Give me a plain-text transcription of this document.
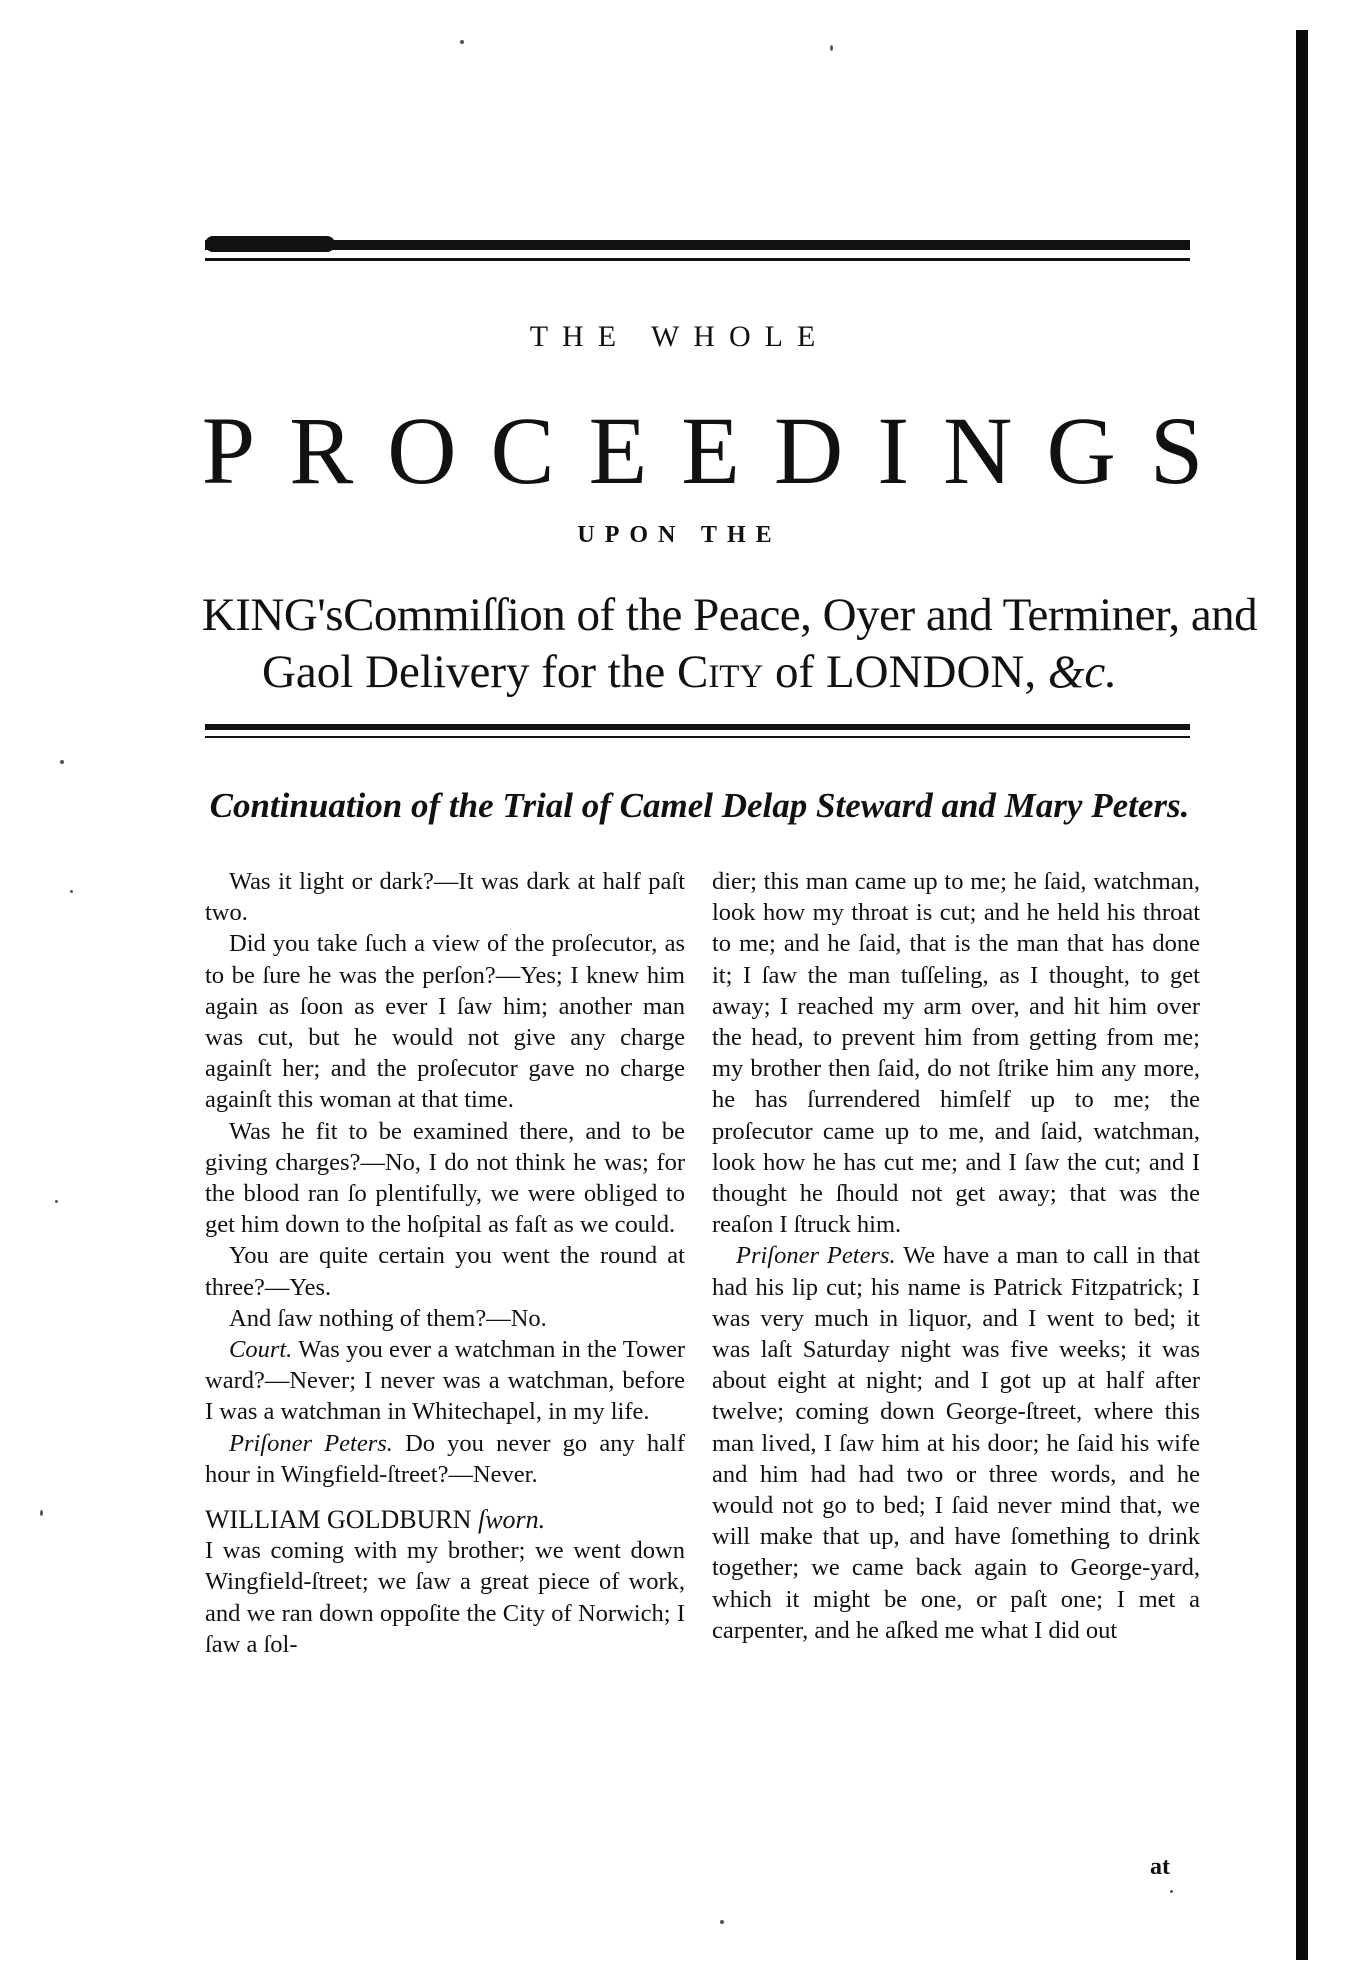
THE WHOLE
PROCEEDINGS
UPON THE
KING'sCommiſſion of the Peace, Oyer and Terminer, and
Gaol Delivery for the City of LONDON, &c.
Continuation of the Trial of Camel Delap Steward and Mary Peters.

Was it light or dark?—It was dark at half paſt two.

Did you take ſuch a view of the proſecutor, as to be ſure he was the perſon?—Yes; I knew him again as ſoon as ever I ſaw him; another man was cut, but he would not give any charge againſt her; and the proſecutor gave no charge againſt this woman at that time.

Was he fit to be examined there, and to be giving charges?—No, I do not think he was; for the blood ran ſo plentifully, we were obliged to get him down to the hoſpital as faſt as we could.

You are quite certain you went the round at three?—Yes.

And ſaw nothing of them?—No.

Court. Was you ever a watchman in the Tower ward?—Never; I never was a watchman, before I was a watchman in Whitechapel, in my life.

Priſoner Peters. Do you never go any half hour in Wingfield-ſtreet?—Never.

WILLIAM GOLDBURN ſworn.

I was coming with my brother; we went down Wingfield-ſtreet; we ſaw a great piece of work, and we ran down oppoſite the City of Norwich; I ſaw a ſol-

dier; this man came up to me; he ſaid, watchman, look how my throat is cut; and he held his throat to me; and he ſaid, that is the man that has done it; I ſaw the man tuſſeling, as I thought, to get away; I reached my arm over, and hit him over the head, to prevent him from getting from me; my brother then ſaid, do not ſtrike him any more, he has ſurrendered himſelf up to me; the proſecutor came up to me, and ſaid, watchman, look how he has cut me; and I ſaw the cut; and I thought he ſhould not get away; that was the reaſon I ſtruck him.

Priſoner Peters. We have a man to call in that had his lip cut; his name is Patrick Fitzpatrick; I was very much in liquor, and I went to bed; it was laſt Saturday night was five weeks; it was about eight at night; and I got up at half after twelve; coming down George-ſtreet, where this man lived, I ſaw him at his door; he ſaid his wife and him had had two or three words, and he would not go to bed; I ſaid never mind that, we will make that up, and have ſomething to drink together; we came back again to George-yard, which it might be one, or paſt one; I met a carpenter, and he aſked me what I did out

at
